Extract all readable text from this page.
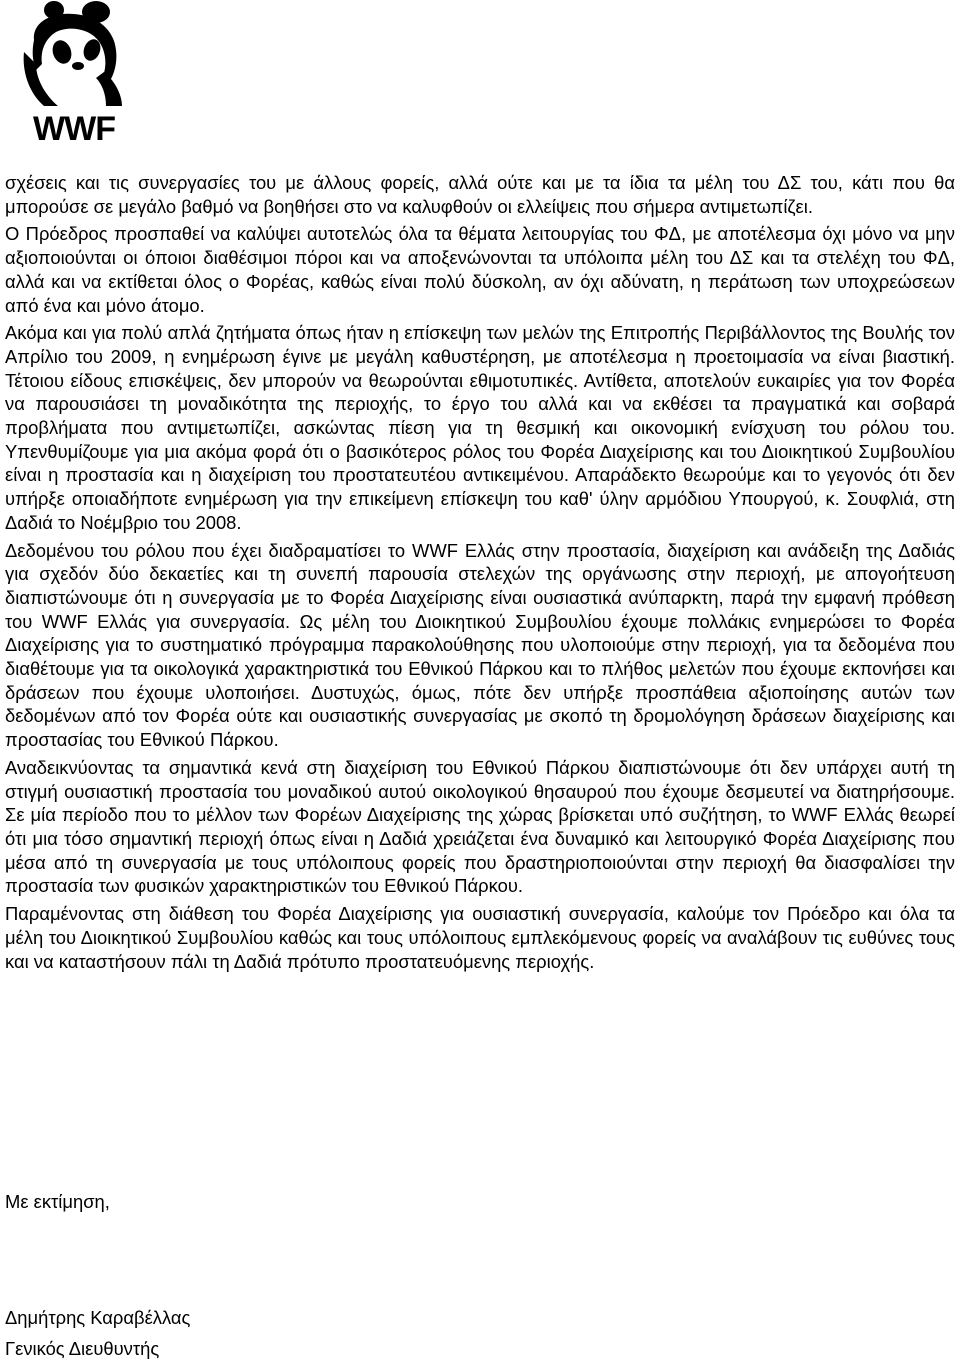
WWF

σχέσεις και τις συνεργασίες του με άλλους φορείς, αλλά ούτε και με τα ίδια τα μέλη του ΔΣ του, κάτι που θα μπορούσε σε μεγάλο βαθμό να βοηθήσει στο να καλυφθούν οι ελλείψεις που σήμερα αντιμετωπίζει.

Ο Πρόεδρος προσπαθεί να καλύψει αυτοτελώς όλα τα θέματα λειτουργίας του ΦΔ, με αποτέλεσμα όχι μόνο να μην αξιοποιούνται οι όποιοι διαθέσιμοι πόροι και να αποξενώνονται τα υπόλοιπα μέλη του ΔΣ και τα στελέχη του ΦΔ, αλλά και να εκτίθεται όλος ο Φορέας, καθώς είναι πολύ δύσκολη, αν όχι αδύνατη, η περάτωση των υποχρεώσεων από ένα και μόνο άτομο.

Ακόμα και για πολύ απλά ζητήματα όπως ήταν η επίσκεψη των μελών της Επιτροπής Περιβάλλοντος της Βουλής τον Απρίλιο του 2009, η ενημέρωση έγινε με μεγάλη καθυστέρηση, με αποτέλεσμα η προετοιμασία να είναι βιαστική. Τέτοιου είδους επισκέψεις, δεν μπορούν να θεωρούνται εθιμοτυπικές. Αντίθετα, αποτελούν ευκαιρίες για τον Φορέα να παρουσιάσει τη μοναδικότητα της περιοχής, το έργο του αλλά και να εκθέσει τα πραγματικά και σοβαρά προβλήματα που αντιμετωπίζει, ασκώντας πίεση για τη θεσμική και οικονομική ενίσχυση του ρόλου του. Υπενθυμίζουμε για μια ακόμα φορά ότι ο βασικότερος ρόλος του Φορέα Διαχείρισης και του Διοικητικού Συμβουλίου είναι η προστασία και η διαχείριση του προστατευτέου αντικειμένου. Απαράδεκτο θεωρούμε και το γεγονός ότι δεν υπήρξε οποιαδήποτε ενημέρωση για την επικείμενη επίσκεψη του καθ' ύλην αρμόδιου Υπουργού, κ. Σουφλιά, στη Δαδιά το Νοέμβριο του 2008.

Δεδομένου του ρόλου που έχει διαδραματίσει το WWF Ελλάς στην προστασία, διαχείριση και ανάδειξη της Δαδιάς για σχεδόν δύο δεκαετίες και τη συνεπή παρουσία στελεχών της οργάνωσης στην περιοχή, με απογοήτευση διαπιστώνουμε ότι η συνεργασία με το Φορέα Διαχείρισης είναι ουσιαστικά ανύπαρκτη, παρά την εμφανή πρόθεση του WWF Ελλάς για συνεργασία. Ως μέλη του Διοικητικού Συμβουλίου έχουμε πολλάκις ενημερώσει το Φορέα Διαχείρισης για το συστηματικό πρόγραμμα παρακολούθησης που υλοποιούμε στην περιοχή, για τα δεδομένα που διαθέτουμε για τα οικολογικά χαρακτηριστικά του Εθνικού Πάρκου και το πλήθος μελετών που έχουμε εκπονήσει και δράσεων που έχουμε υλοποιήσει. Δυστυχώς, όμως, πότε δεν υπήρξε προσπάθεια αξιοποίησης αυτών των δεδομένων από τον Φορέα ούτε και ουσιαστικής συνεργασίας με σκοπό τη δρομολόγηση δράσεων διαχείρισης και προστασίας του Εθνικού Πάρκου.

Αναδεικνύοντας τα σημαντικά κενά στη διαχείριση του Εθνικού Πάρκου διαπιστώνουμε ότι δεν υπάρχει αυτή τη στιγμή ουσιαστική προστασία του μοναδικού αυτού οικολογικού θησαυρού που έχουμε δεσμευτεί να διατηρήσουμε. Σε μία περίοδο που το μέλλον των Φορέων Διαχείρισης της χώρας βρίσκεται υπό συζήτηση, το WWF Ελλάς θεωρεί ότι μια τόσο σημαντική περιοχή όπως είναι η Δαδιά χρειάζεται ένα δυναμικό και λειτουργικό Φορέα Διαχείρισης που μέσα από τη συνεργασία με τους υπόλοιπους φορείς που δραστηριοποιούνται στην περιοχή θα διασφαλίσει την προστασία των φυσικών χαρακτηριστικών του Εθνικού Πάρκου.

Παραμένοντας στη διάθεση του Φορέα Διαχείρισης για ουσιαστική συνεργασία, καλούμε τον Πρόεδρο και όλα τα μέλη του Διοικητικού Συμβουλίου καθώς και τους υπόλοιπους εμπλεκόμενους φορείς να αναλάβουν τις ευθύνες τους και να καταστήσουν πάλι τη Δαδιά πρότυπο προστατευόμενης περιοχής.

Με εκτίμηση,
Δημήτρης Καραβέλλας
Γενικός Διευθυντής
